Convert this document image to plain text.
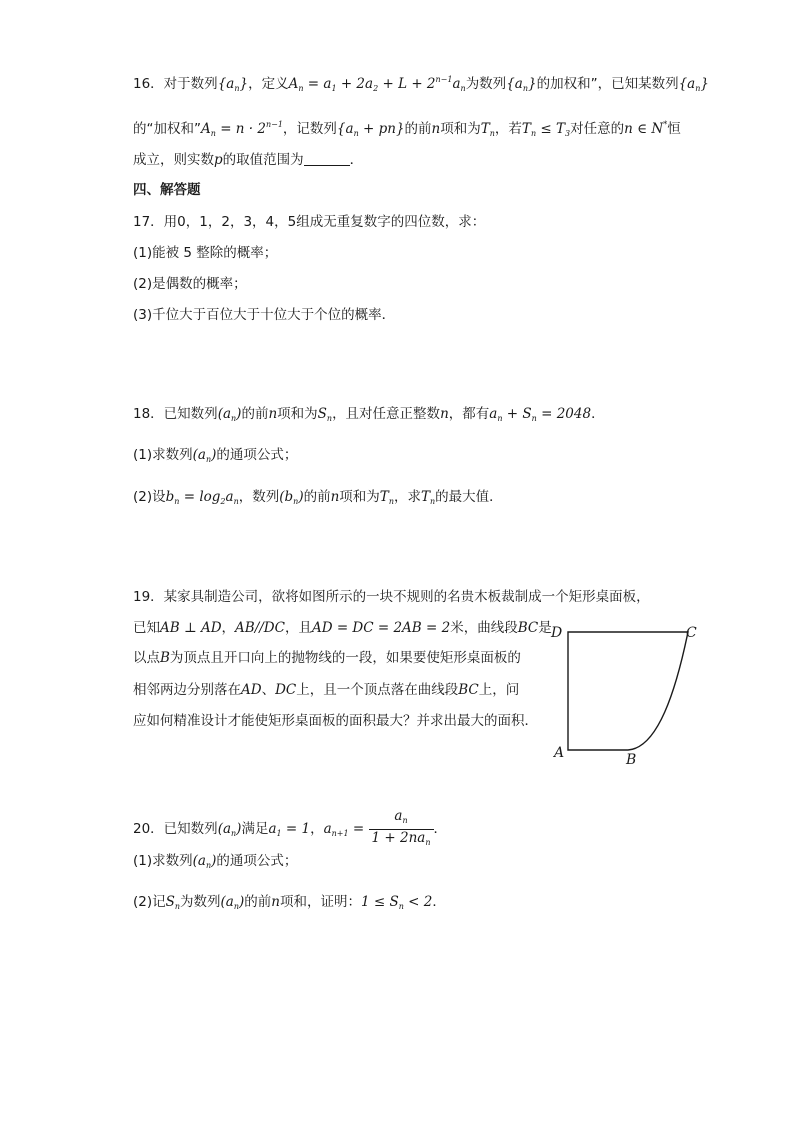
16．对于数列$\{a_n\}$，定义$A_n = a_1 + 2a_2 + L + 2^{n-1}a_n$为数列$\{a_n\}$的加权和”，已知某数列$\{a_n\}$
的“加权和$”A_n = n \cdot 2^{n-1}$，记数列$\{a_n + pn\}$的前n项和为$T_n$，若$T_n \le T_3$对任意的n ∈ N*恒
成立，则实数p的取值范围为	．
四、解答题
17．用0，1，2，3，4，5组成无重复数字的四位数，求：
(1)能被 5 整除的概率；
(2)是偶数的概率；
(3)千位大于百位大于十位大于个位的概率．
18．已知数列$(a_n)$的前n项和为$S_n$，且对任意正整数n，都有$a_n + S_n = 2048$．
(1)求数列$(a_n)$的通项公式；
(2)设$b_n = \log_2a_n$，数列$(b_n)$的前n项和为$T_n$，求$T_n$的最大值．
19．某家具制造公司，欲将如图所示的一块不规则的名贵木板裁制成一个矩形桌面板，
已知AB ⊥ AD，AB//DC，且AD = DC = 2AB = 2米，曲线段BC是
以点B为顶点且开口向上的抛物线的一段，如果要使矩形桌面板的
相邻两边分别落在AD、DC上，且一个顶点落在曲线段BC上，问
应如何精准设计才能使矩形桌面板的面积最大？并求出最大的面积．
D	C
A	B
20．已知数列$(a_n)$满足$a_1 = 1$，$a_{n+1} = \frac{a_n}{1 + 2na_n}$ ．
(1)求数列$(a_n)$的通项公式；
(2)记$S_n$为数列$(a_n)$的前n项和，证明：$1 \le S_n < 2$．
